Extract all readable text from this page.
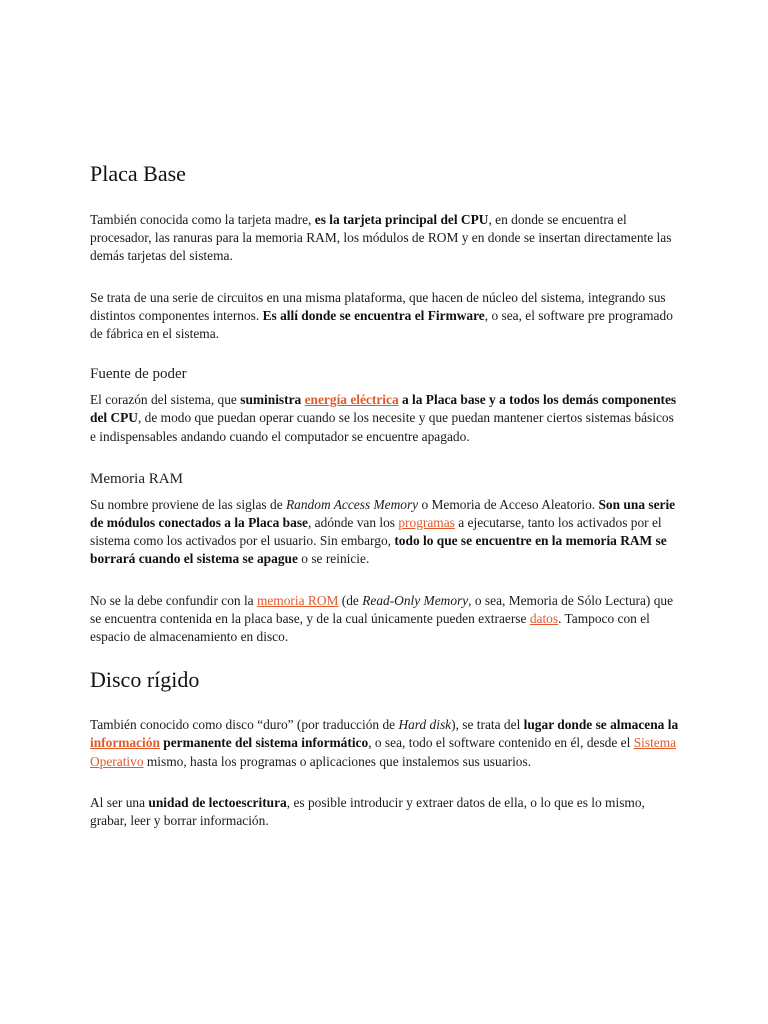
Placa Base

También conocida como la tarjeta madre, es la tarjeta principal del CPU, en donde se encuentra el procesador, las ranuras para la memoria RAM, los módulos de ROM y en donde se insertan directamente las demás tarjetas del sistema.

Se trata de una serie de circuitos en una misma plataforma, que hacen de núcleo del sistema, integrando sus distintos componentes internos. Es allí donde se encuentra el Firmware, o sea, el software pre programado de fábrica en el sistema.

Fuente de poder

El corazón del sistema, que suministra energía eléctrica a la Placa base y a todos los demás componentes del CPU, de modo que puedan operar cuando se los necesite y que puedan mantener ciertos sistemas básicos e indispensables andando cuando el computador se encuentre apagado.

Memoria RAM

Su nombre proviene de las siglas de Random Access Memory o Memoria de Acceso Aleatorio. Son una serie de módulos conectados a la Placa base, adónde van los programas a ejecutarse, tanto los activados por el sistema como los activados por el usuario. Sin embargo, todo lo que se encuentre en la memoria RAM se borrará cuando el sistema se apague o se reinicie.

No se la debe confundir con la memoria ROM (de Read-Only Memory, o sea, Memoria de Sólo Lectura) que se encuentra contenida en la placa base, y de la cual únicamente pueden extraerse datos. Tampoco con el espacio de almacenamiento en disco.

Disco rígido

También conocido como disco “duro” (por traducción de Hard disk), se trata del lugar donde se almacena la información permanente del sistema informático, o sea, todo el software contenido en él, desde el Sistema Operativo mismo, hasta los programas o aplicaciones que instalemos sus usuarios.

Al ser una unidad de lectoescritura, es posible introducir y extraer datos de ella, o lo que es lo mismo, grabar, leer y borrar información.
